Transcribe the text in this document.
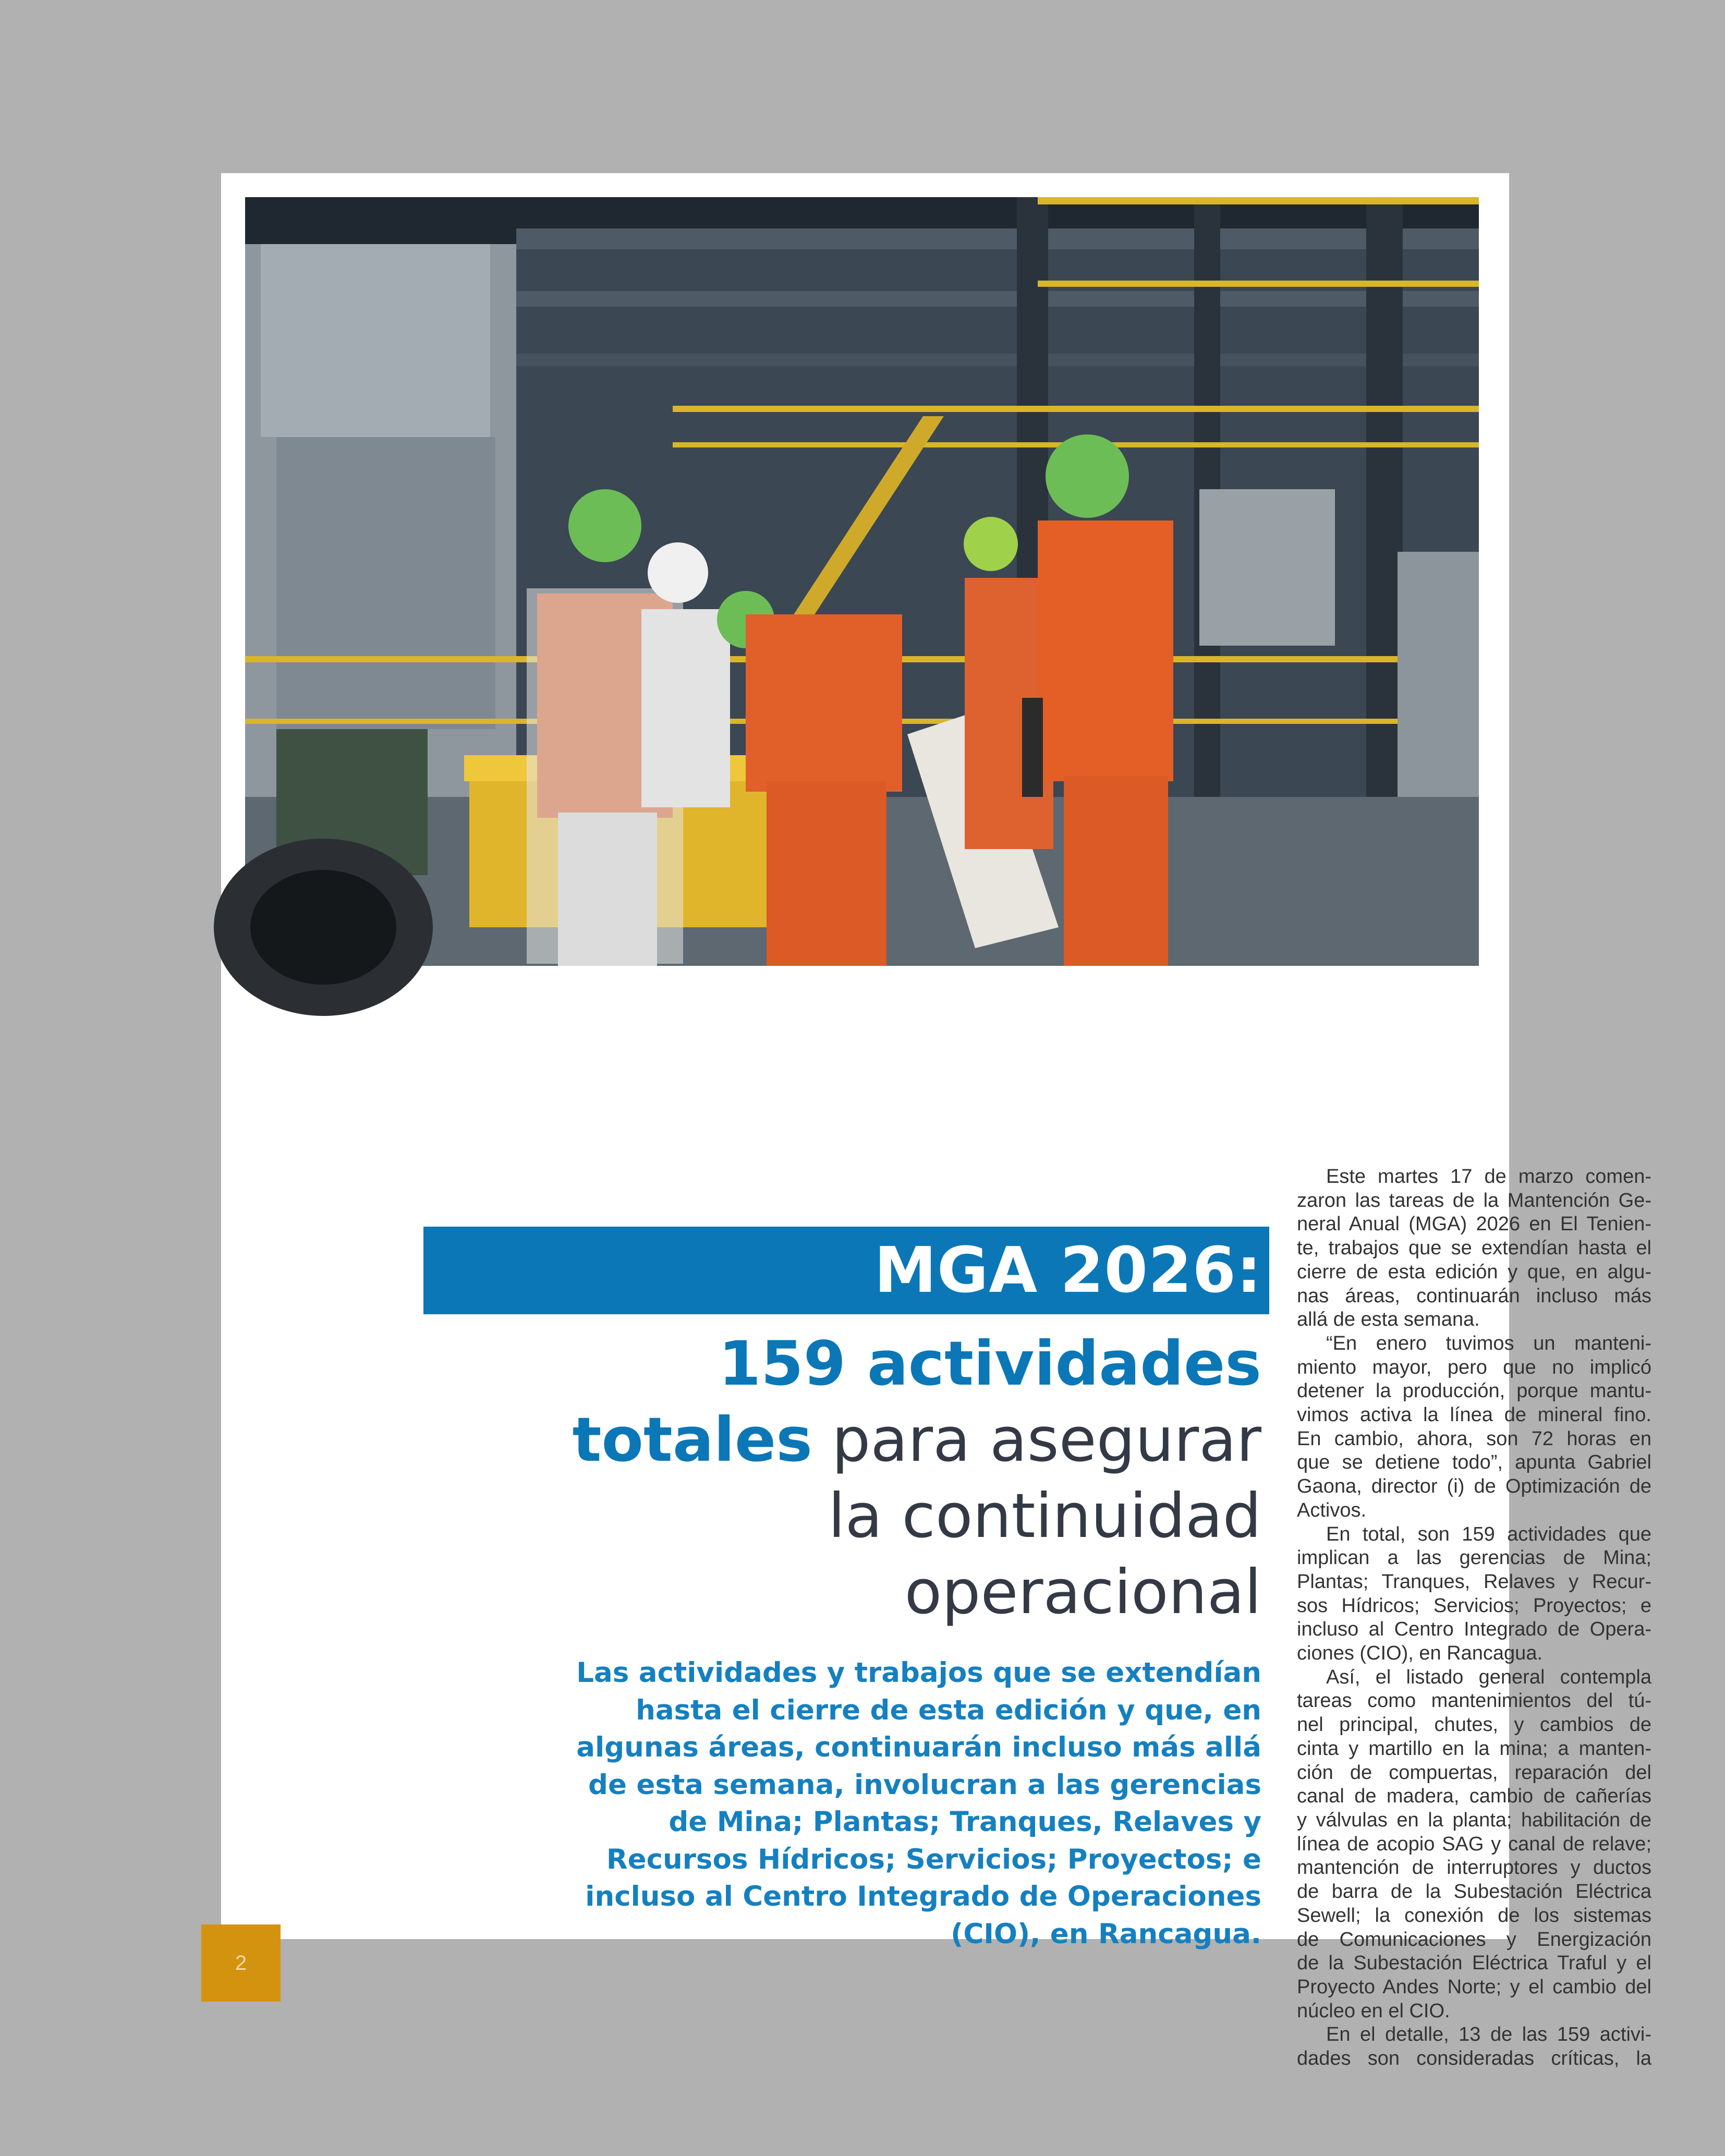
MGA 2026:
159 actividades
totales para asegurar
la continuidad
operacional
Las actividades y trabajos que se extendían
hasta el cierre de esta edición y que, en
algunas áreas, continuarán incluso más allá
de esta semana, involucran a las gerencias
de Mina; Plantas; Tranques, Relaves y
Recursos Hídricos; Servicios; Proyectos; e
incluso al Centro Integrado de Operaciones
(CIO), en Rancagua.
Este martes 17 de marzo comen-
zaron las tareas de la Mantención Ge-
neral Anual (MGA) 2026 en El Tenien-
te, trabajos que se extendían hasta el
cierre de esta edición y que, en algu-
nas áreas, continuarán incluso más
allá de esta semana.
“En enero tuvimos un manteni-
miento mayor, pero que no implicó
detener la producción, porque mantu-
vimos activa la línea de mineral fino.
En cambio, ahora, son 72 horas en
que se detiene todo”, apunta Gabriel
Gaona, director (i) de Optimización de
Activos.
En total, son 159 actividades que
implican a las gerencias de Mina;
Plantas; Tranques, Relaves y Recur-
sos Hídricos; Servicios; Proyectos; e
incluso al Centro Integrado de Opera-
ciones (CIO), en Rancagua.
Así, el listado general contempla
tareas como mantenimientos del tú-
nel principal, chutes, y cambios de
cinta y martillo en la mina; a manten-
ción de compuertas, reparación del
canal de madera, cambio de cañerías
y válvulas en la planta; habilitación de
línea de acopio SAG y canal de relave;
mantención de interruptores y ductos
de barra de la Subestación Eléctrica
Sewell; la conexión de los sistemas
de Comunicaciones y Energización
de la Subestación Eléctrica Traful y el
Proyecto Andes Norte; y el cambio del
núcleo en el CIO.
En el detalle, 13 de las 159 activi-
dades son consideradas críticas, la
2
